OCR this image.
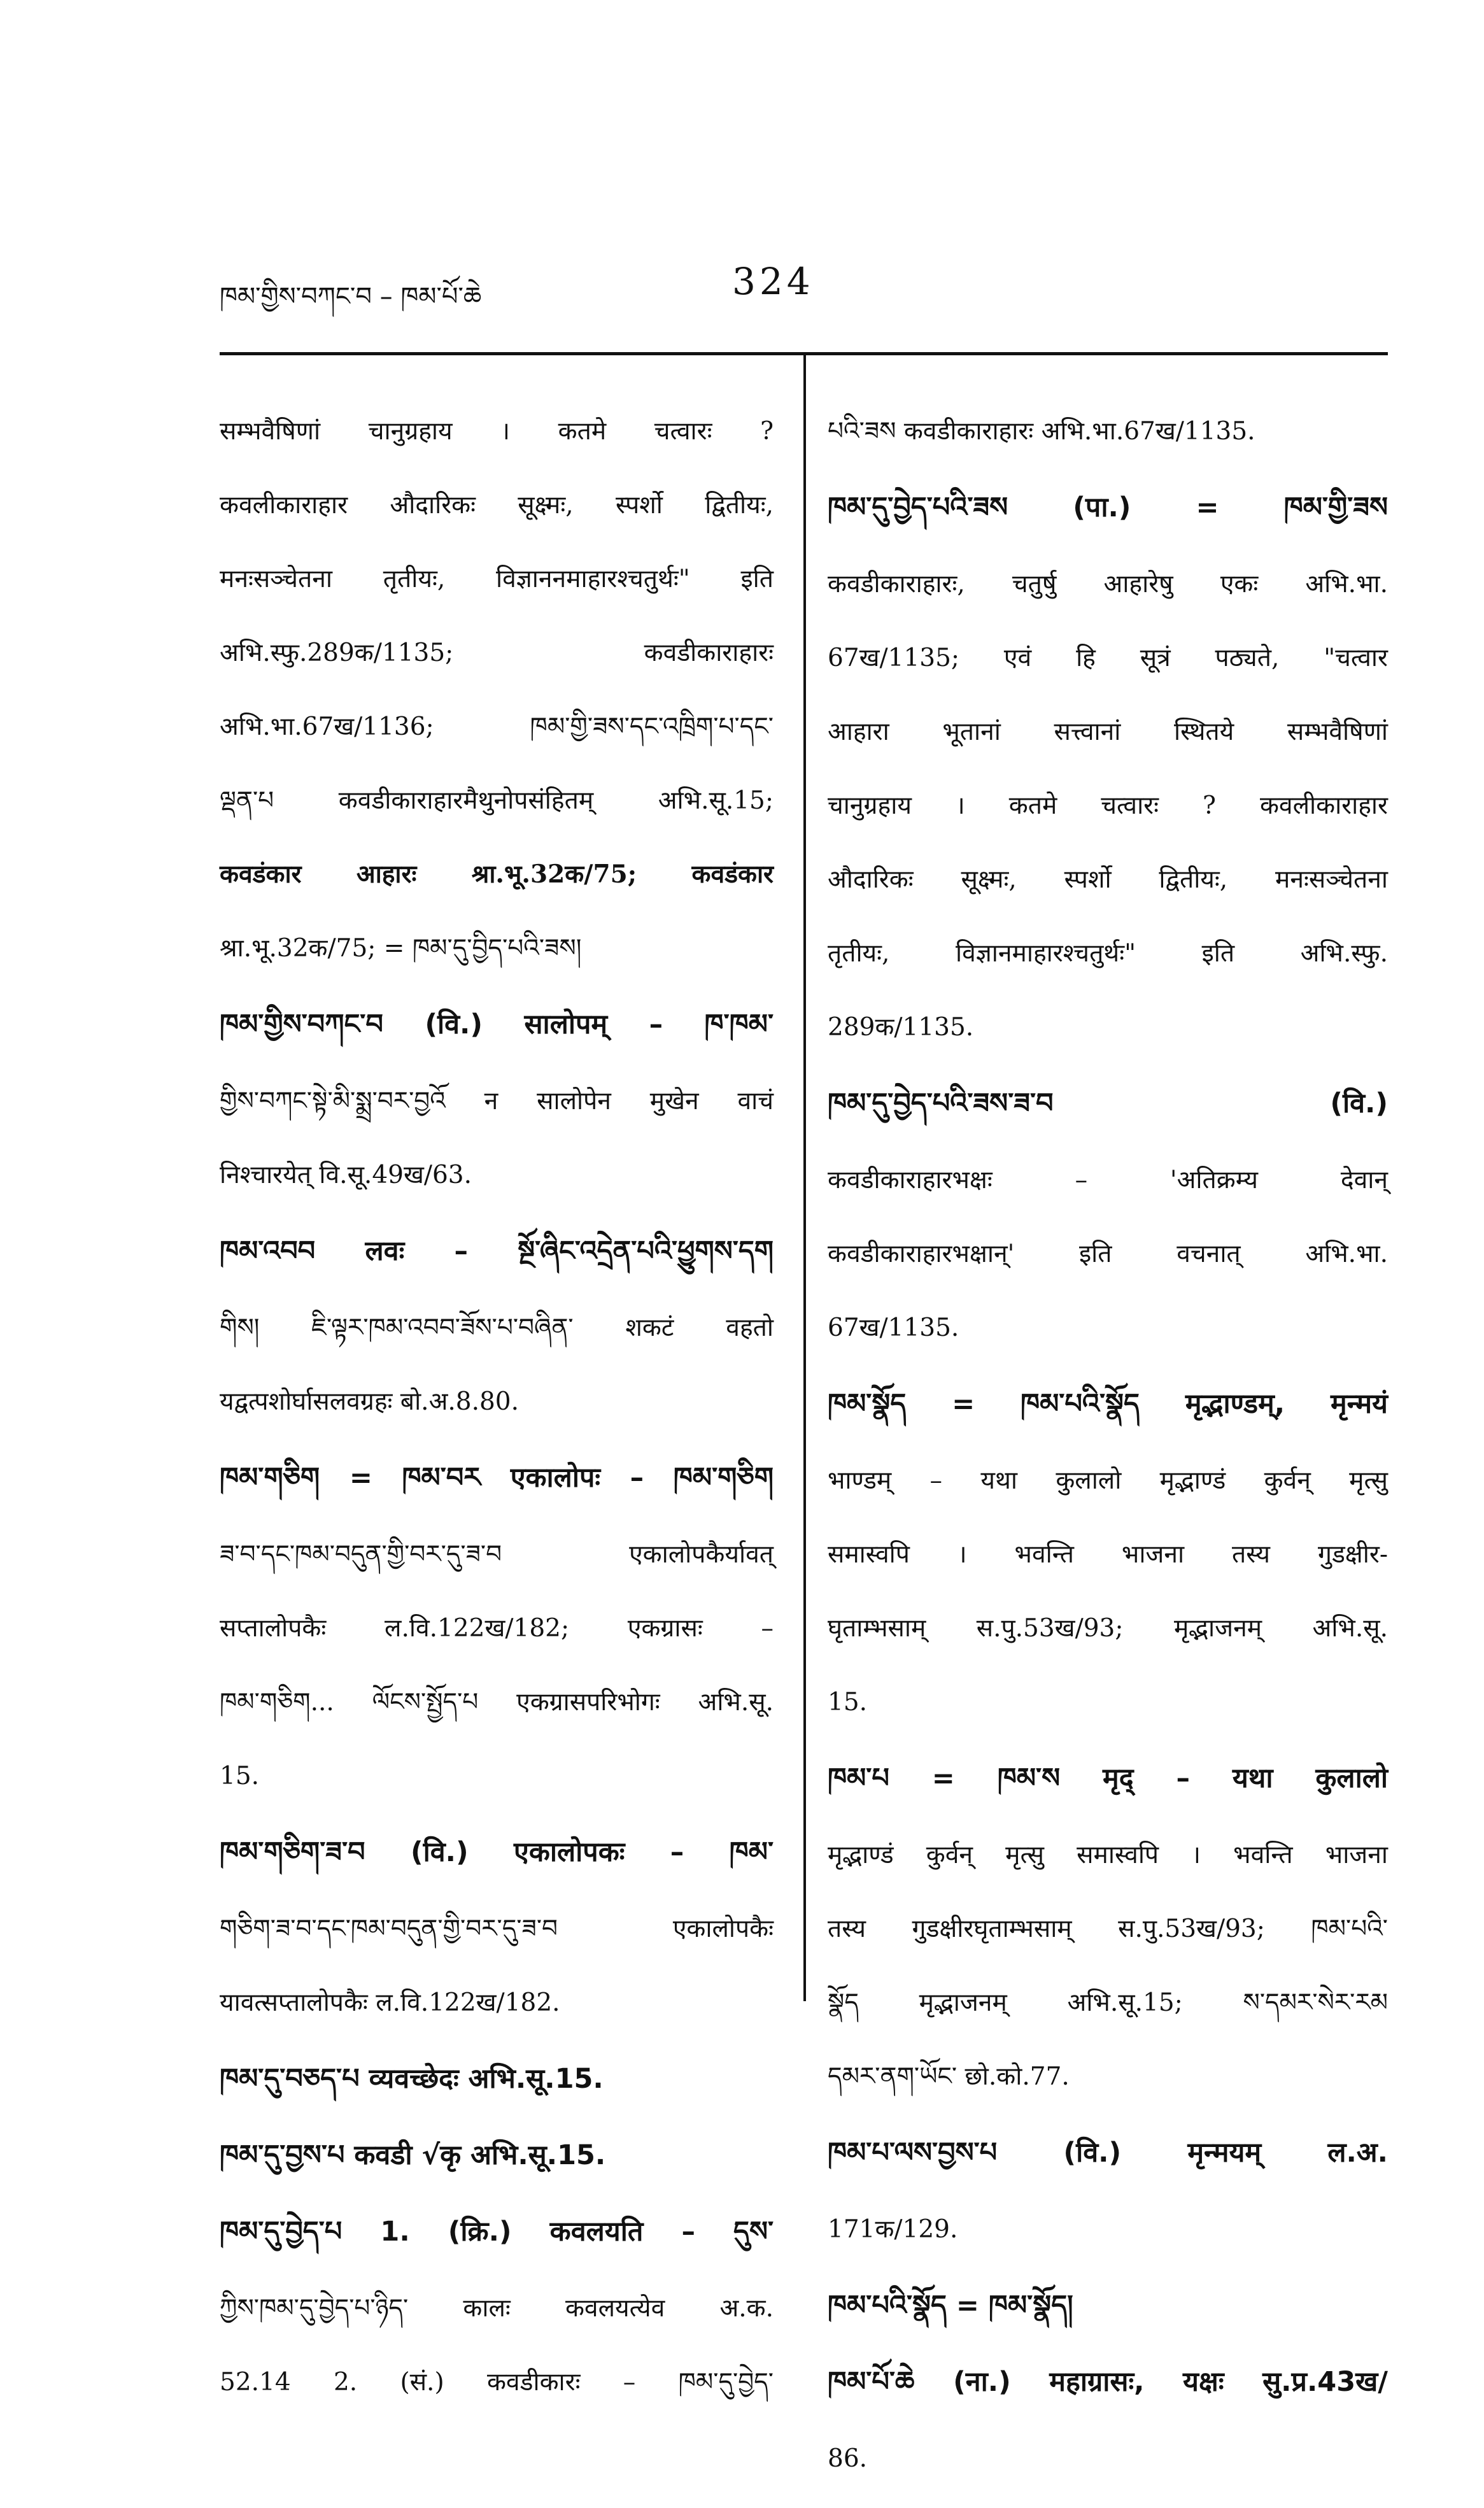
ཁམ་གྱིས་བཀང་བ – ཁམ་པོ་ཆེ	324

सम्भवैषिणां चानुग्रहाय । कतमे चत्वारः ?

कवलीकाराहार औदारिकः सूक्ष्मः, स्पर्शो द्वितीयः,

मनःसञ्चेतना तृतीयः, विज्ञाननमाहारश्चतुर्थः" इति

अभि.स्फु.289क/1135; कवडीकाराहारः

अभि.भा.67ख/1136; ཁམ་གྱི་ཟས་དང་འཁྲིག་པ་དང་

ལྡན་པ कवडीकाराहारमैथुनोपसंहितम् अभि.सू.15;

कवडंकार आहारः श्रा.भू.32क/75; कवडंकार

श्रा.भू.32क/75; = ཁམ་དུ་བྱིད་པའི་ཟས།

ཁམ་གྱིས་བཀང་བ (वि.) सालोपम् – ཁ་ཁམ་

གྱིས་བཀང་སྟེ་མི་སྨྲ་བར་བྱའོ न सालोपेन मुखेन वाचं

निश्चारयेत् वि.सू.49ख/63.

ཁམ་འབབ लवः – སྔོ་ཞིང་འདྲེན་པའི་ཕྱུགས་དག

གིས། ཇི་ལྟར་ཁམ་འབབ་ཟོས་པ་བཞིན་ शकटं वहतो

यद्वत्पशोर्घासलवग्रहः बो.अ.8.80.

ཁམ་གཅིག = ཁམ་བར एकालोपः – ཁམ་གཅིག

ཟ་བ་དང་ཁམ་བདུན་གྱི་བར་དུ་ཟ་བ एकालोपकैर्यावत्

सप्तालोपकैः ल.वि.122ख/182; एकग्रासः –

ཁམ་གཅིག... ལོངས་སྤྱོད་པ एकग्रासपरिभोगः अभि.सू.

15.

ཁམ་གཅིག་ཟ་བ (वि.) एकालोपकः – ཁམ་

གཅིག་ཟ་བ་དང་ཁམ་བདུན་གྱི་བར་དུ་ཟ་བ एकालोपकैः

यावत्सप्तालोपकैः ल.वि.122ख/182.

ཁམ་དུ་བཅད་པ व्यवच्छेदः अभि.सू.15.

ཁམ་དུ་བྱས་པ कवडी √कृ अभि.सू.15.

ཁམ་དུ་བྱེད་པ 1. (क्रि.) कवलयति – དུས་

ཀྱིས་ཁམ་དུ་བྱེད་པ་ཉིད་ कालः कवलयत्येव अ.क.

52.14 2. (सं.) कवडीकारः – ཁམ་དུ་བྱེད་

པའི་ཟས कवडीकाराहारः अभि.भा.67ख/1135.

ཁམ་དུ་བྱེད་པའི་ཟས (पा.) = ཁམ་གྱི་ཟས

कवडीकाराहारः, चतुर्षु आहारेषु एकः अभि.भा.

67ख/1135; एवं हि सूत्रं पठ्यते, "चत्वार

आहारा भूतानां सत्त्वानां स्थितये सम्भवैषिणां

चानुग्रहाय । कतमे चत्वारः ? कवलीकाराहार

औदारिकः सूक्ष्मः, स्पर्शो द्वितीयः, मनःसञ्चेतना

तृतीयः, विज्ञानमाहारश्चतुर्थः" इति अभि.स्फु.

289क/1135.

ཁམ་དུ་བྱེད་པའི་ཟས་ཟ་བ (वि.)

कवडीकाराहारभक्षः – 'अतिक्रम्य देवान्

कवडीकाराहारभक्षान्' इति वचनात् अभि.भा.

67ख/1135.

ཁམ་སྣོད = ཁམ་པའི་སྣོད मृद्भाण्डम्, मृन्मयं

भाण्डम् – यथा कुलालो मृद्भाण्डं कुर्वन् मृत्सु

समास्वपि । भवन्ति भाजना तस्य गुडक्षीर-

घृताम्भसाम् स.पु.53ख/93; मृद्भाजनम् अभि.सू.

15.

ཁམ་པ = ཁམ་ས मृद् – यथा कुलालो

मृद्भाण्डं कुर्वन् मृत्सु समास्वपि । भवन्ति भाजना

तस्य गुडक्षीरघृताम्भसाम् स.पु.53ख/93; ཁམ་པའི་

སྣོད मृद्भाजनम् अभि.सू.15; ས་དམར་སེར་རམ

དམར་ནག་ཡོང་ छो.को.77.

ཁམ་པ་ལས་བྱས་པ (वि.) मृन्मयम् ल.अ.

171क/129.

ཁམ་པའི་སྣོད = ཁམ་སྣོད།

ཁམ་པོ་ཆེ (ना.) महाग्रासः, यक्षः सु.प्र.43ख/

86.
